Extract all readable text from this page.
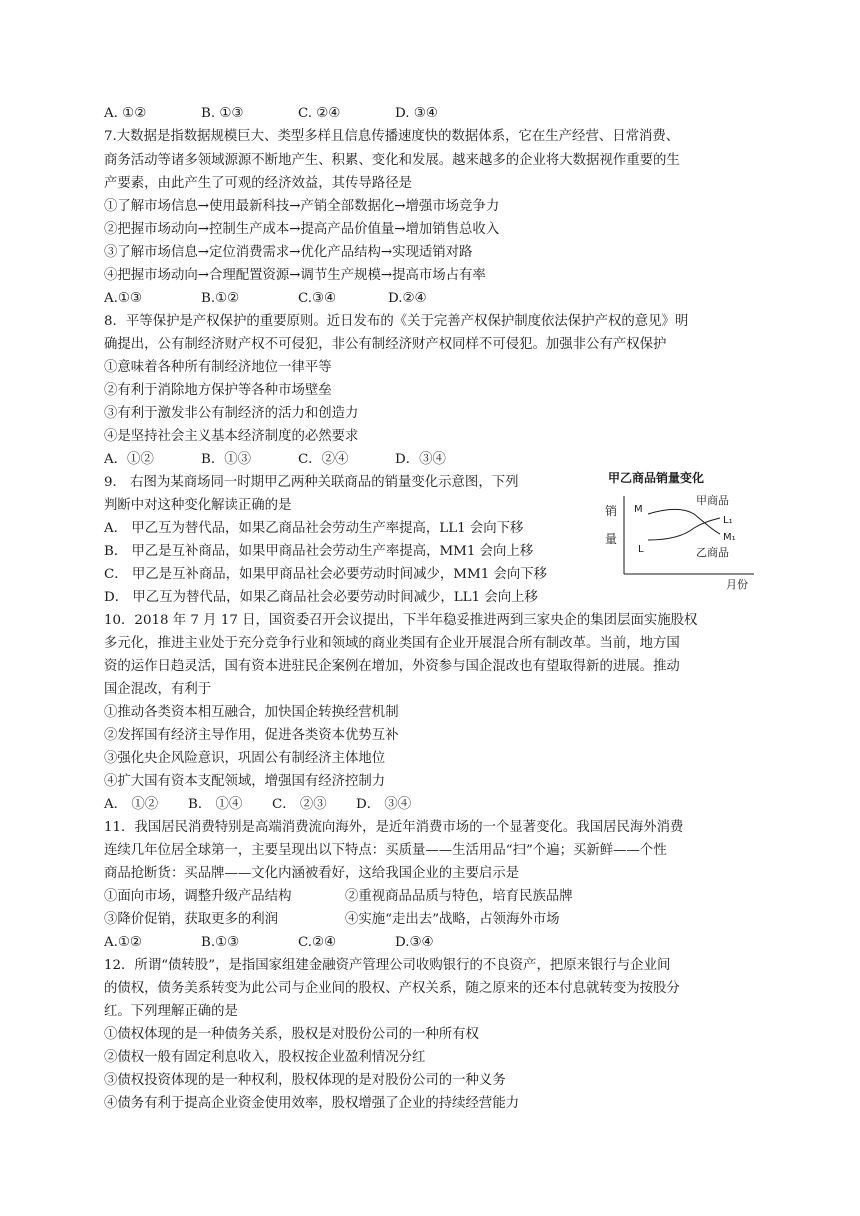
A. ①②	B. ①③	C. ②④	D. ③④
7.大数据是指数据规模巨大、类型多样且信息传播速度快的数据体系，它在生产经营、日常消费、
商务活动等诸多领域源源不断地产生、积累、变化和发展。越来越多的企业将大数据视作重要的生
产要素，由此产生了可观的经济效益，其传导路径是
①了解市场信息→使用最新科技→产销全部数据化→增强市场竞争力
②把握市场动向→控制生产成本→提高产品价值量→增加销售总收入
③了解市场信息→定位消费需求→优化产品结构→实现适销对路
④把握市场动向→合理配置资源→调节生产规模→提高市场占有率
A.①③	B.①②	C.③④	D.②④
8．平等保护是产权保护的重要原则。近日发布的《关于完善产权保护制度依法保护产权的意见》明
确提出，公有制经济财产权不可侵犯，非公有制经济财产权同样不可侵犯。加强非公有产权保护
①意味着各种所有制经济地位一律平等
②有利于消除地方保护等各种市场壁垒
③有利于激发非公有制经济的活力和创造力
④是坚持社会主义基本经济制度的必然要求
A．①②	B．①③	C．②④	D．③④
9． 右图为某商场同一时期甲乙两种关联商品的销量变化示意图，下列
判断中对这种变化解读正确的是
A． 甲乙互为替代品，如果乙商品社会劳动生产率提高，LL1 会向下移
B． 甲乙是互补商品，如果甲商品社会劳动生产率提高，MM1 会向上移
C． 甲乙是互补商品，如果甲商品社会必要劳动时间减少，MM1 会向下移
D． 甲乙互为替代品，如果乙商品社会必要劳动时间减少，LL1 会向上移
甲乙商品销量变化
销
量
月份
M
L
甲商品
L₁
M₁
乙商品
10．2018 年 7 月 17 日，国资委召开会议提出，下半年稳妥推进两到三家央企的集团层面实施股权
多元化，推进主业处于充分竞争行业和领域的商业类国有企业开展混合所有制改革。当前，地方国
资的运作日趋灵活，国有资本进驻民企案例在增加，外资参与国企混改也有望取得新的进展。推动
国企混改，有利于
①推动各类资本相互融合，加快国企转换经营机制
②发挥国有经济主导作用，促进各类资本优势互补
③强化央企风险意识，巩固公有制经济主体地位
④扩大国有资本支配领域，增强国有经济控制力
A． ①② B． ①④ C． ②③ D． ③④
11．我国居民消费特别是高端消费流向海外，是近年消费市场的一个显著变化。我国居民海外消费
连续几年位居全球第一，主要呈现出以下特点：买质量——生活用品“扫”个遍；买新鲜——个性
商品抢断货：买品牌——文化内涵被看好，这给我国企业的主要启示是
①面向市场，调整升级产品结构	②重视商品品质与特色，培育民族品牌
③降价促销，获取更多的利润	④实施“走出去”战略，占领海外市场
A.①②	B.①③	C.②④	D.③④
12．所谓“债转股”，是指国家组建金融资产管理公司收购银行的不良资产，把原来银行与企业间
的债权，债务美系转变为此公司与企业间的股权、产权关系，随之原来的还本付息就转变为按股分
红。下列理解正确的是
①债权体现的是一种债务关系，股权是对股份公司的一种所有权
②债权一般有固定利息收入，股权按企业盈利情况分红
③债权投资体现的是一种权利，股权体现的是对股份公司的一种义务
④债务有利于提高企业资金使用效率，股权增强了企业的持续经营能力
